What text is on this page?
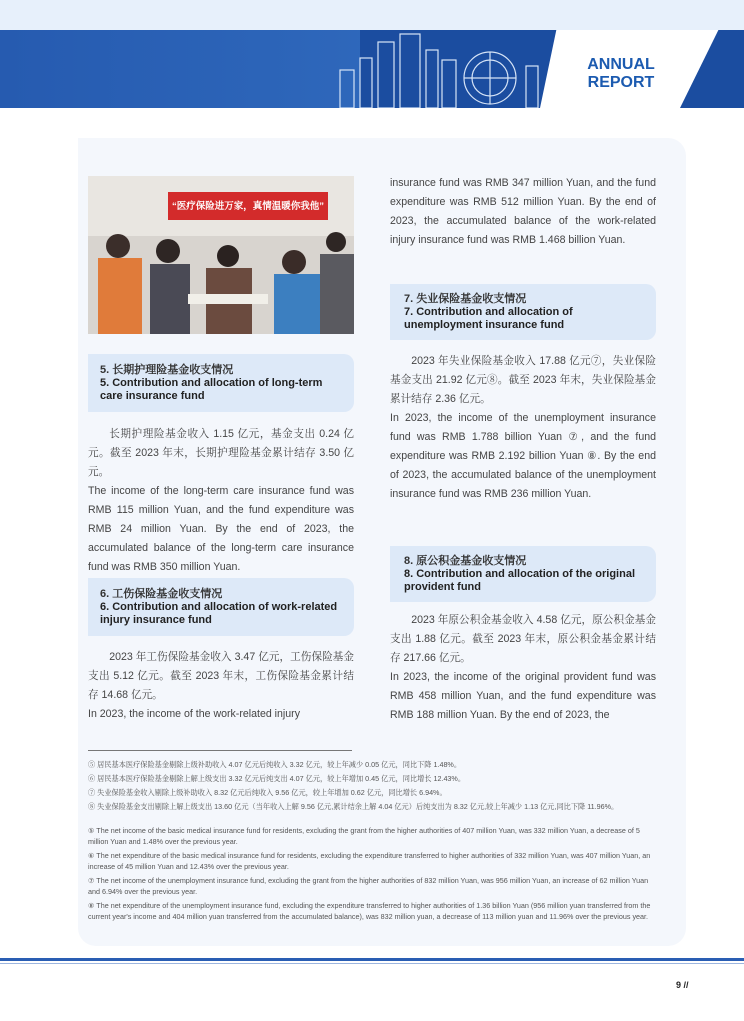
ANNUAL
REPORT
“医疗保险进万家，真情温暖你我他”
insurance fund was RMB 347 million Yuan, and the fund expenditure was RMB 512 million Yuan. By the end of 2023, the accumulated balance of the work-related injury insurance fund was RMB 1.468 billion Yuan.
5. 长期护理险基金收支情况
5. Contribution and allocation of long-term care insurance fund
长期护理险基金收入 1.15 亿元，基金支出 0.24 亿元。截至 2023 年末，长期护理险基金累计结存 3.50 亿元。
The income of the long-term care insurance fund was RMB 115 million Yuan, and the fund expenditure was RMB 24 million Yuan. By the end of 2023, the accumulated balance of the long-term care insurance fund was RMB 350 million Yuan.
6. 工伤保险基金收支情况
6. Contribution and allocation of work-related injury insurance fund
2023 年工伤保险基金收入 3.47 亿元，工伤保险基金支出 5.12 亿元。截至 2023 年末，工伤保险基金累计结存 14.68 亿元。
In 2023, the income of the work-related injury
7. 失业保险基金收支情况
7. Contribution and allocation of unemployment insurance fund
2023 年失业保险基金收入 17.88 亿元⑦，失业保险基金支出 21.92 亿元⑧。截至 2023 年末，失业保险基金累计结存 2.36 亿元。
In 2023, the income of the unemployment insurance fund was RMB 1.788 billion Yuan ⑦, and the fund expenditure was RMB 2.192 billion Yuan ⑧. By the end of 2023, the accumulated balance of the unemployment insurance fund was RMB 236 million Yuan.
8. 原公积金基金收支情况
8. Contribution and allocation of the original provident fund
2023 年原公积金基金收入 4.58 亿元，原公积金基金支出 1.88 亿元。截至 2023 年末，原公积金基金累计结存 217.66 亿元。
In 2023, the income of the original provident fund was RMB 458 million Yuan, and the fund expenditure was RMB 188 million Yuan. By the end of 2023, the
⑤ 居民基本医疗保险基金剔除上级补助收入 4.07 亿元后纯收入 3.32 亿元，较上年减少 0.05 亿元，同比下降 1.48%。
⑥ 居民基本医疗保险基金剔除上解上级支出 3.32 亿元后纯支出 4.07 亿元，较上年增加 0.45 亿元，同比增长 12.43%。
⑦ 失业保险基金收入剔除上级补助收入 8.32 亿元后纯收入 9.56 亿元，较上年增加 0.62 亿元，同比增长 6.94%。
⑧ 失业保险基金支出剔除上解上级支出 13.60 亿元（当年收入上解 9.56 亿元,累计结余上解 4.04 亿元）后纯支出为 8.32 亿元,较上年减少 1.13 亿元,同比下降 11.96%。
⑤ The net income of the basic medical insurance fund for residents, excluding the grant from the higher authorities of 407 million Yuan, was 332 million Yuan, a decrease of 5 million Yuan and 1.48% over the previous year.
⑥ The net expenditure of the basic medical insurance fund for residents, excluding the expenditure transferred to higher authorities of 332 million Yuan, was 407 million Yuan, an increase of 45 million Yuan and 12.43% over the previous year.
⑦ The net income of the unemployment insurance fund, excluding the grant from the higher authorities of 832 million Yuan, was 956 million Yuan, an increase of 62 million Yuan and 6.94% over the previous year.
⑧ The net expenditure of the unemployment insurance fund, excluding the expenditure transferred to higher authorities of 1.36 billion Yuan (956 million yuan transferred from the current year's income and 404 million yuan transferred from the accumulated balance), was 832 million yuan, a decrease of 113 million yuan and 11.96% over the previous year.
9 //
